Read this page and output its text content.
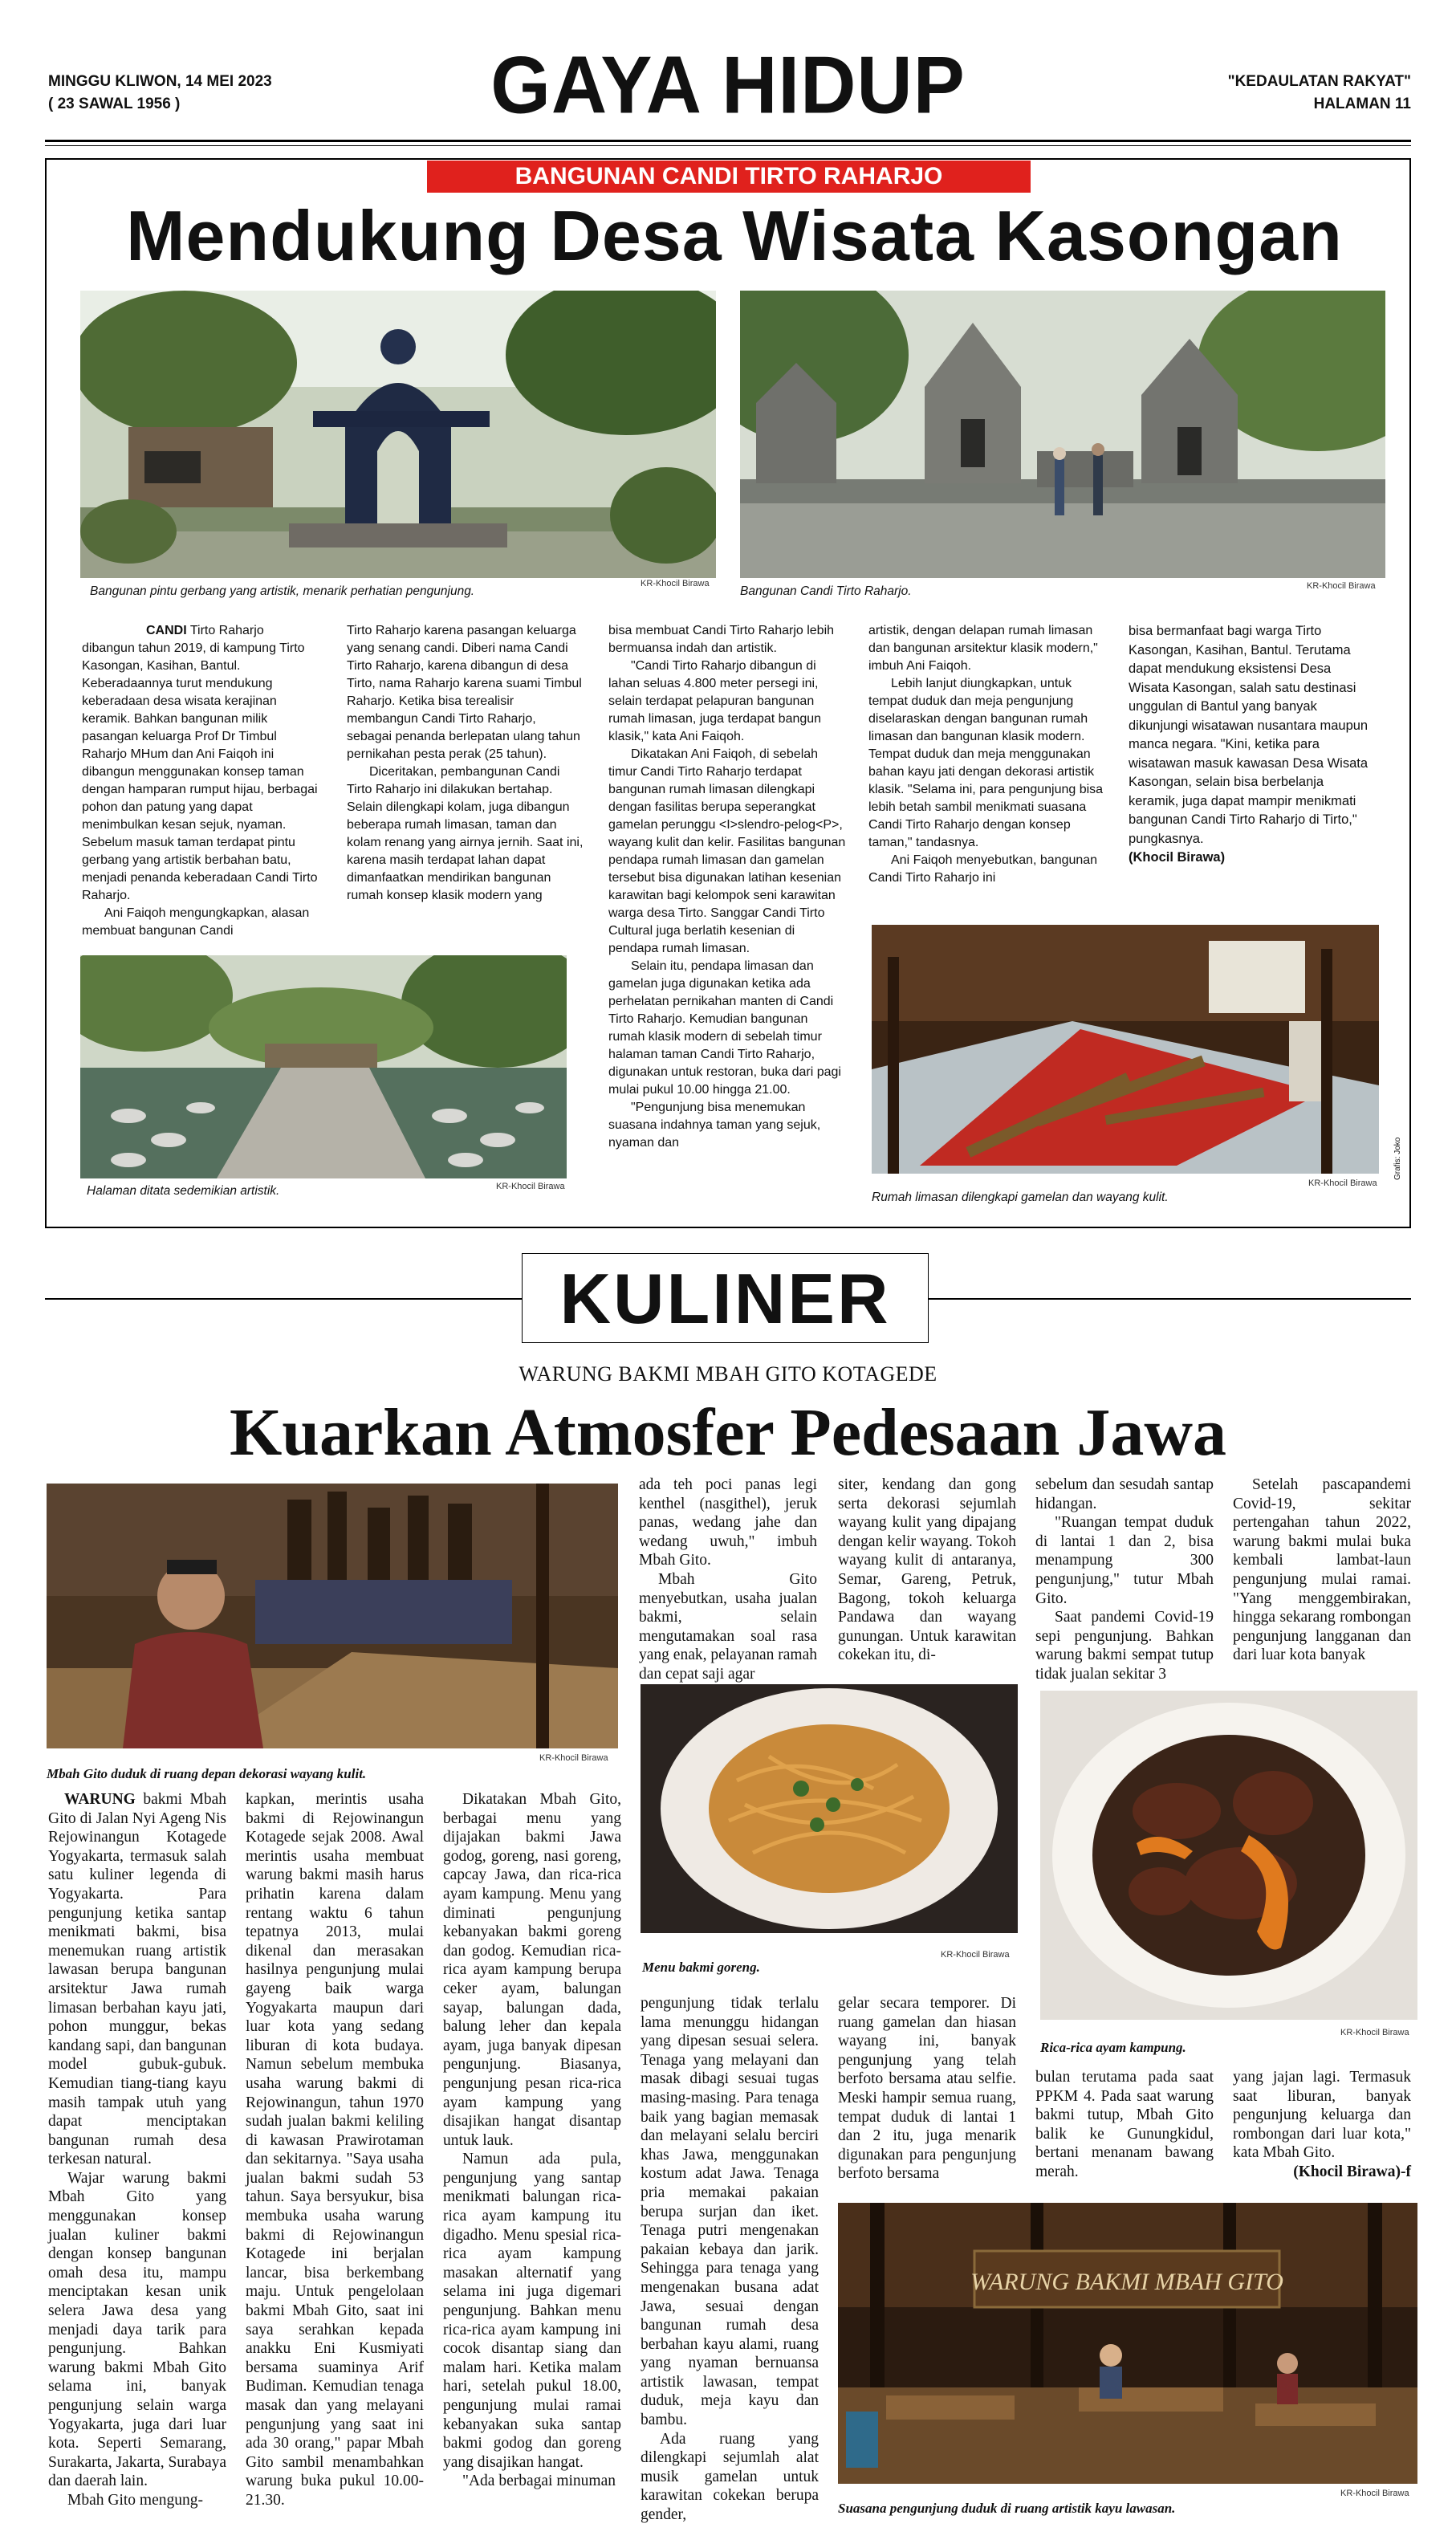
MINGGU KLIWON, 14 MEI 2023
( 23 SAWAL 1956 )	GAYA HIDUP	"KEDAULATAN RAKYAT"
HALAMAN 11
BANGUNAN CANDI TIRTO RAHARJO
Mendukung Desa Wisata Kasongan
Bangunan pintu gerbang yang artistik, menarik perhatian pengunjung.
KR-Khocil Birawa
Bangunan Candi Tirto Raharjo.	KR-Khocil Birawa

CANDI Tirto Raharjo dibangun tahun 2019, di kampung Tirto Kasongan, Kasihan, Bantul. Keberadaannya turut mendukung keberadaan desa wisata kerajinan keramik. Bahkan bangunan milik pasangan keluarga Prof Dr Timbul Raharjo MHum dan Ani Faiqoh ini dibangun menggunakan konsep taman dengan hamparan rumput hijau, berbagai pohon dan patung yang dapat menimbulkan kesan sejuk, nyaman. Sebelum masuk taman terdapat pintu gerbang yang artistik berbahan batu, menjadi penanda keberadaan Candi Tirto Raharjo.

Ani Faiqoh mengungkapkan, alasan membuat bangunan Candi

Tirto Raharjo karena pasangan keluarga yang senang candi. Diberi nama Candi Tirto Raharjo, karena dibangun di desa Tirto, nama Raharjo karena suami Timbul Raharjo. Ketika bisa terealisir membangun Candi Tirto Raharjo, sebagai penanda berlepatan ulang tahun pernikahan pesta perak (25 tahun).

Diceritakan, pembangunan Candi Tirto Raharjo ini dilakukan bertahap. Selain dilengkapi kolam, juga dibangun beberapa rumah limasan, taman dan kolam renang yang airnya jernih. Saat ini, karena masih terdapat lahan dapat dimanfaatkan mendirikan bangunan rumah konsep klasik modern yang

bisa membuat Candi Tirto Raharjo lebih bermuansa indah dan artistik.

"Candi Tirto Raharjo dibangun di lahan seluas 4.800 meter persegi ini, selain terdapat pelapuran bangunan rumah limasan, juga terdapat bangun klasik," kata Ani Faiqoh.

Dikatakan Ani Faiqoh, di sebelah timur Candi Tirto Raharjo terdapat bangunan rumah limasan dilengkapi dengan fasilitas berupa seperangkat gamelan perunggu <I>slendro-pelog<P>, wayang kulit dan kelir. Fasilitas bangunan pendapa rumah limasan dan gamelan tersebut bisa digunakan latihan kesenian karawitan bagi kelompok seni karawitan warga desa Tirto. Sanggar Candi Tirto Cultural juga berlatih kesenian di pendapa rumah limasan.

Selain itu, pendapa limasan dan gamelan juga digunakan ketika ada perhelatan pernikahan manten di Candi Tirto Raharjo. Kemudian bangunan rumah klasik modern di sebelah timur halaman taman Candi Tirto Raharjo, digunakan untuk restoran, buka dari pagi mulai pukul 10.00 hingga 21.00.

"Pengunjung bisa menemukan suasana indahnya taman yang sejuk, nyaman dan

artistik, dengan delapan rumah limasan dan bangunan arsitektur klasik modern," imbuh Ani Faiqoh.

Lebih lanjut diungkapkan, untuk tempat duduk dan meja pengunjung diselaraskan dengan bangunan rumah limasan dan bangunan klasik modern. Tempat duduk dan meja menggunakan bahan kayu jati dengan dekorasi artistik klasik. "Selama ini, para pengunjung bisa lebih betah sambil menikmati suasana Candi Tirto Raharjo dengan konsep taman," tandasnya.

Ani Faiqoh menyebutkan, bangunan Candi Tirto Raharjo ini

bisa bermanfaat bagi warga Tirto Kasongan, Kasihan, Bantul. Terutama dapat mendukung eksistensi Desa Wisata Kasongan, salah satu destinasi unggulan di Bantul yang banyak dikunjungi wisatawan nusantara maupun manca negara. "Kini, ketika para wisatawan masuk kawasan Desa Wisata Kasongan, selain bisa berbelanja keramik, juga dapat mampir menikmati bangunan Candi Tirto Raharjo di Tirto," pungkasnya.

(Khocil Birawa)

Halaman ditata sedemikian artistik.	KR-Khocil Birawa
Rumah limasan dilengkapi gamelan dan wayang kulit.
KR-Khocil Birawa
Grafis: Joko
KULINER
WARUNG BAKMI MBAH GITO KOTAGEDE
Kuarkan Atmosfer Pedesaan Jawa
Mbah Gito duduk di ruang depan dekorasi wayang kulit.
KR-Khocil Birawa

WARUNG bakmi Mbah Gito di Jalan Nyi Ageng Nis Rejowinangun Kotagede Yogyakarta, termasuk salah satu kuliner legenda di Yogyakarta. Para pengunjung ketika santap menikmati bakmi, bisa menemukan ruang artistik lawasan berupa bangunan arsitektur Jawa rumah limasan berbahan kayu jati, pohon munggur, bekas kandang sapi, dan bangunan model gubuk-gubuk. Kemudian tiang-tiang kayu masih tampak utuh yang dapat menciptakan bangunan rumah desa terkesan natural.

Wajar warung bakmi Mbah Gito yang menggunakan konsep jualan kuliner bakmi dengan konsep bangunan omah desa itu, mampu menciptakan kesan unik selera Jawa desa yang menjadi daya tarik para pengunjung. Bahkan warung bakmi Mbah Gito selama ini, banyak pengunjung selain warga Yogyakarta, juga dari luar kota. Seperti Semarang, Surakarta, Jakarta, Surabaya dan daerah lain.

Mbah Gito mengung-

kapkan, merintis usaha bakmi di Rejowinangun Kotagede sejak 2008. Awal merintis usaha membuat warung bakmi masih harus prihatin karena dalam rentang waktu 6 tahun tepatnya 2013, mulai dikenal dan merasakan hasilnya pengunjung mulai gayeng baik warga Yogyakarta maupun dari luar kota yang sedang liburan di kota budaya. Namun sebelum membuka usaha warung bakmi di Rejowinangun, tahun 1970 sudah jualan bakmi keliling di kawasan Prawirotaman dan sekitarnya. "Saya usaha jualan bakmi sudah 53 tahun. Saya bersyukur, bisa membuka usaha warung bakmi di Rejowinangun Kotagede ini berjalan lancar, bisa berkembang maju. Untuk pengelolaan bakmi Mbah Gito, saat ini saya serahkan kepada anakku Eni Kusmiyati bersama suaminya Arif Budiman. Kemudian tenaga masak dan yang melayani pengunjung yang saat ini ada 30 orang," papar Mbah Gito sambil menambahkan warung buka pukul 10.00-21.30.

Dikatakan Mbah Gito, berbagai menu yang dijajakan bakmi Jawa godog, goreng, nasi goreng, capcay Jawa, dan rica-rica ayam kampung. Menu yang diminati pengunjung kebanyakan bakmi goreng dan godog. Kemudian rica-rica ayam kampung berupa ceker ayam, balungan sayap, balungan dada, balung leher dan kepala ayam, juga banyak dipesan pengunjung. Biasanya, pengunjung pesan rica-rica ayam kampung yang disajikan hangat disantap untuk lauk.

Namun ada pula, pengunjung yang santap menikmati balungan rica-rica ayam kampung itu digadho. Menu spesial rica-rica ayam kampung masakan alternatif yang selama ini juga digemari pengunjung. Bahkan menu rica-rica ayam kampung ini cocok disantap siang dan malam hari. Ketika malam hari, setelah pukul 18.00, pengunjung mulai ramai kebanyakan suka santap bakmi godog dan goreng yang disajikan hangat.

"Ada berbagai minuman

ada teh poci panas legi kenthel (nasgithel), jeruk panas, wedang jahe dan wedang uwuh," imbuh Mbah Gito.

Mbah Gito menyebutkan, usaha jualan bakmi, selain mengutamakan soal rasa yang enak, pelayanan ramah dan cepat saji agar

siter, kendang dan gong serta dekorasi sejumlah wayang kulit yang dipajang dengan kelir wayang. Tokoh wayang kulit di antaranya, Semar, Gareng, Petruk, Bagong, tokoh keluarga Pandawa dan wayang gunungan. Untuk karawitan cokekan itu, di-

sebelum dan sesudah santap hidangan.

"Ruangan tempat duduk di lantai 1 dan 2, bisa menampung 300 pengunjung," tutur Mbah Gito.

Saat pandemi Covid-19 sepi pengunjung. Bahkan warung bakmi sempat tutup tidak jualan sekitar 3

Setelah pascapandemi Covid-19, sekitar pertengahan tahun 2022, warung bakmi mulai buka kembali lambat-laun pengunjung mulai ramai. "Yang menggembirakan, hingga sekarang rombongan pengunjung langganan dan dari luar kota banyak

Menu bakmi goreng.
KR-Khocil Birawa
Rica-rica ayam kampung.
KR-Khocil Birawa

pengunjung tidak terlalu lama menunggu hidangan yang dipesan sesuai selera. Tenaga yang melayani dan masak dibagi sesuai tugas masing-masing. Para tenaga baik yang bagian memasak dan melayani selalu berciri khas Jawa, menggunakan kostum adat Jawa. Tenaga pria memakai pakaian berupa surjan dan iket. Tenaga putri mengenakan pakaian kebaya dan jarik. Sehingga para tenaga yang mengenakan busana adat Jawa, sesuai dengan bangunan rumah desa berbahan kayu alami, ruang yang nyaman bernuansa artistik lawasan, tempat duduk, meja kayu dan bambu.

Ada ruang yang dilengkapi sejumlah alat musik gamelan untuk karawitan cokekan berupa gender,

gelar secara temporer. Di ruang gamelan dan hiasan wayang ini, banyak pengunjung yang telah berfoto bersama atau selfie. Meski hampir semua ruang, tempat duduk di lantai 1 dan 2 itu, juga menarik digunakan para pengunjung berfoto bersama

bulan terutama pada saat PPKM 4. Pada saat warung bakmi tutup, Mbah Gito balik ke Gunungkidul, bertani menanam bawang merah.

yang jajan lagi. Termasuk saat liburan, banyak pengunjung keluarga dan rombongan dari luar kota," kata Mbah Gito.

(Khocil Birawa)-f

WARUNG BAKMI MBAH GITO
Suasana pengunjung duduk di ruang artistik kayu lawasan.
KR-Khocil Birawa
